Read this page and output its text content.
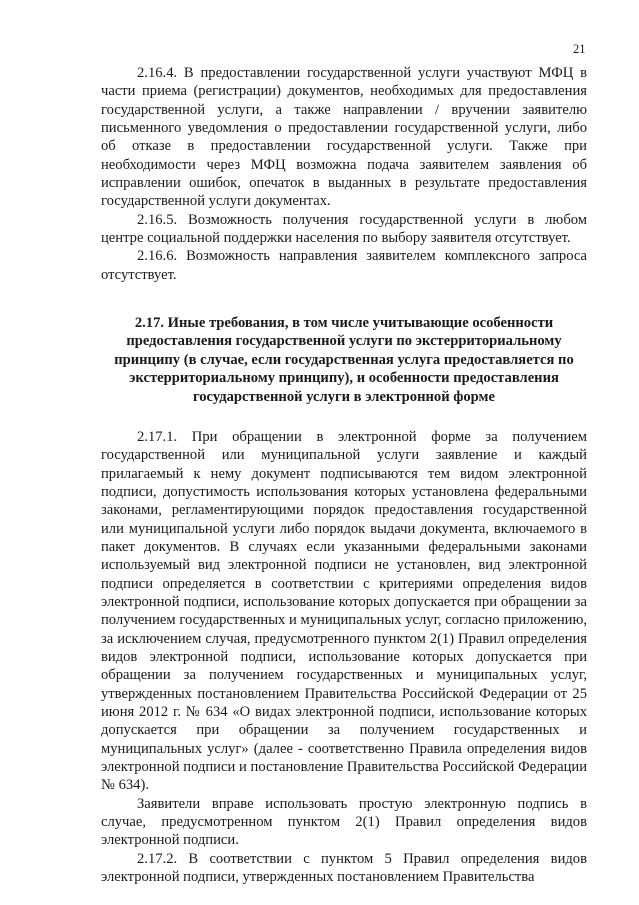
21

2.16.4. В предоставлении государственной услуги участвуют МФЦ в части приема (регистрации) документов, необходимых для предоставления государственной услуги, а также направлении / вручении заявителю письменного уведомления о предоставлении государственной услуги, либо об отказе в предоставлении государственной услуги. Также при необходимости через МФЦ возможна подача заявителем заявления об исправлении ошибок, опечаток в выданных в результате предоставления государственной услуги документах.

2.16.5. Возможность получения государственной услуги в любом центре социальной поддержки населения по выбору заявителя отсутствует.

2.16.6. Возможность направления заявителем комплексного запроса отсутствует.

2.17. Иные требования, в том числе учитывающие особенности предоставления государственной услуги по экстерриториальному принципу (в случае, если государственная услуга предоставляется по экстерриториальному принципу), и особенности предоставления государственной услуги в электронной форме

2.17.1. При обращении в электронной форме за получением государственной или муниципальной услуги заявление и каждый прилагаемый к нему документ подписываются тем видом электронной подписи, допустимость использования которых установлена федеральными законами, регламентирующими порядок предоставления государственной или муниципальной услуги либо порядок выдачи документа, включаемого в пакет документов. В случаях если указанными федеральными законами используемый вид электронной подписи не установлен, вид электронной подписи определяется в соответствии с критериями определения видов электронной подписи, использование которых допускается при обращении за получением государственных и муниципальных услуг, согласно приложению, за исключением случая, предусмотренного пунктом 2(1) Правил определения видов электронной подписи, использование которых допускается при обращении за получением государственных и муниципальных услуг, утвержденных постановлением Правительства Российской Федерации от 25 июня 2012 г. № 634 «О видах электронной подписи, использование которых допускается при обращении за получением государственных и муниципальных услуг» (далее - соответственно Правила определения видов электронной подписи и постановление Правительства Российской Федерации № 634).

Заявители вправе использовать простую электронную подпись в случае, предусмотренном пунктом 2(1) Правил определения видов электронной подписи.

2.17.2. В соответствии с пунктом 5 Правил определения видов электронной подписи, утвержденных постановлением Правительства
